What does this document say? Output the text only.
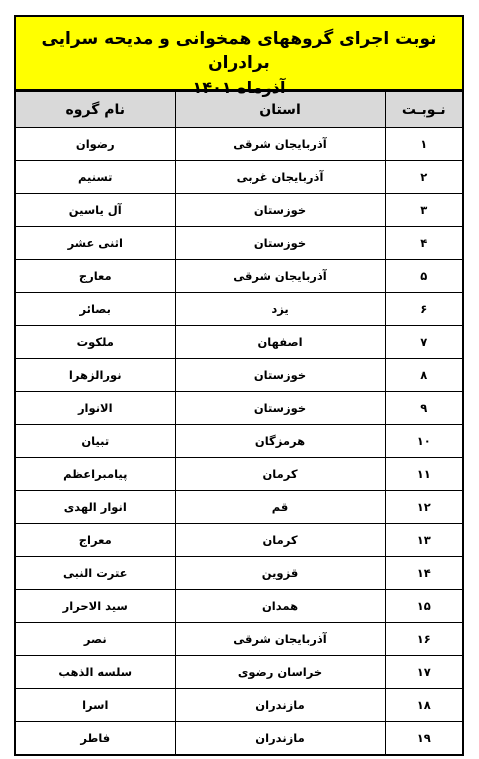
نوبت اجرای گروههای همخوانی و مدیحه سرایی برادران
آذرماه ۱۴۰۱
نـوبـت	استان	نام گروه
۱	آذربایجان شرقی	رضوان
۲	آذربایجان غربی	تسنیم
۳	خوزستان	آل یاسین
۴	خوزستان	اثنی عشر
۵	آذربایجان شرقی	معارج
۶	یزد	بصائر
۷	اصفهان	ملکوت
۸	خوزستان	نورالزهرا
۹	خوزستان	الانوار
۱۰	هرمزگان	تبیان
۱۱	کرمان	پیامبراعظم
۱۲	قم	انوار الهدی
۱۳	کرمان	معراج
۱۴	قزوین	عترت النبی
۱۵	همدان	سید الاحرار
۱۶	آذربایجان شرقی	نصر
۱۷	خراسان رضوی	سلسه الذهب
۱۸	مازندران	اسرا
۱۹	مازندران	فاطر
